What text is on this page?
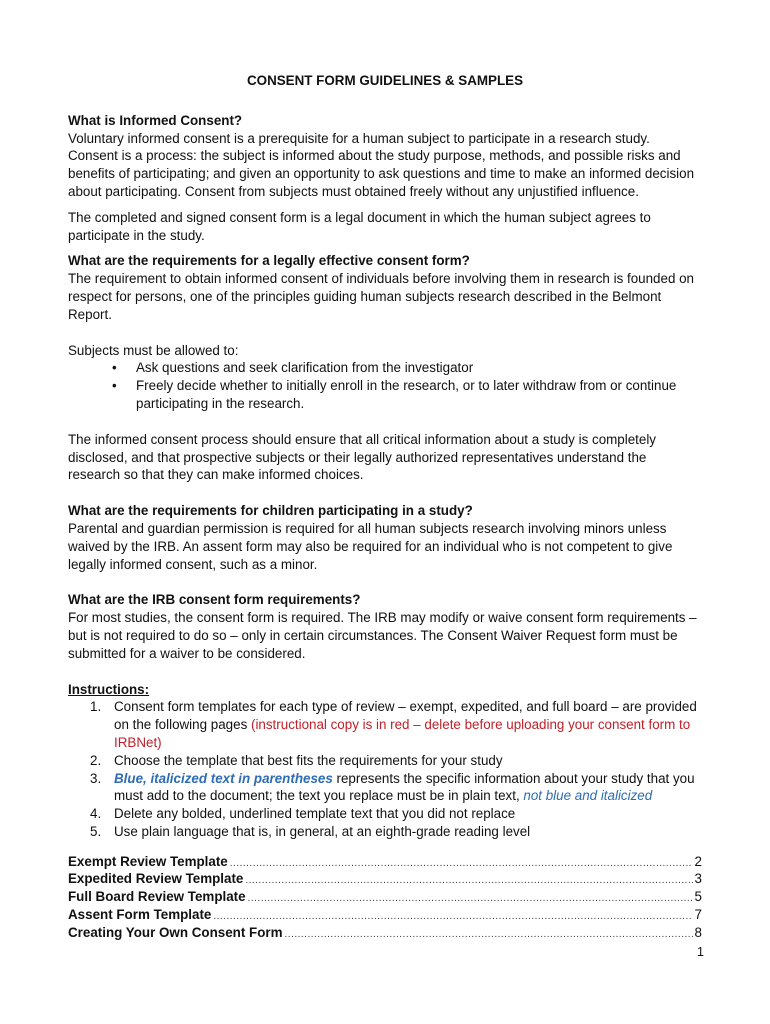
CONSENT FORM GUIDELINES & SAMPLES
What is Informed Consent?

Voluntary informed consent is a prerequisite for a human subject to participate in a research study. Consent is a process: the subject is informed about the study purpose, methods, and possible risks and benefits of participating; and given an opportunity to ask questions and time to make an informed decision about participating. Consent from subjects must obtained freely without any unjustified influence.

The completed and signed consent form is a legal document in which the human subject agrees to participate in the study.

What are the requirements for a legally effective consent form?

The requirement to obtain informed consent of individuals before involving them in research is founded on respect for persons, one of the principles guiding human subjects research described in the Belmont Report.

Subjects must be allowed to:

• Ask questions and seek clarification from the investigator
• Freely decide whether to initially enroll in the research, or to later withdraw from or continue participating in the research.

The informed consent process should ensure that all critical information about a study is completely disclosed, and that prospective subjects or their legally authorized representatives understand the research so that they can make informed choices.

What are the requirements for children participating in a study?

Parental and guardian permission is required for all human subjects research involving minors unless waived by the IRB. An assent form may also be required for an individual who is not competent to give legally informed consent, such as a minor.

What are the IRB consent form requirements?

For most studies, the consent form is required. The IRB may modify or waive consent form requirements – but is not required to do so – only in certain circumstances. The Consent Waiver Request form must be submitted for a waiver to be considered.

Instructions:
1. Consent form templates for each type of review – exempt, expedited, and full board – are provided on the following pages (instructional copy is in red – delete before uploading your consent form to IRBNet)
2. Choose the template that best fits the requirements for your study
3. Blue, italicized text in parentheses represents the specific information about your study that you must add to the document; the text you replace must be in plain text, not blue and italicized
4. Delete any bolded, underlined template text that you did not replace
5. Use plain language that is, in general, at an eighth-grade reading level
Exempt Review Template .....	2
Expedited Review Template .....	3
Full Board Review Template .....	5
Assent Form Template .....	7
Creating Your Own Consent Form .....	8
1
